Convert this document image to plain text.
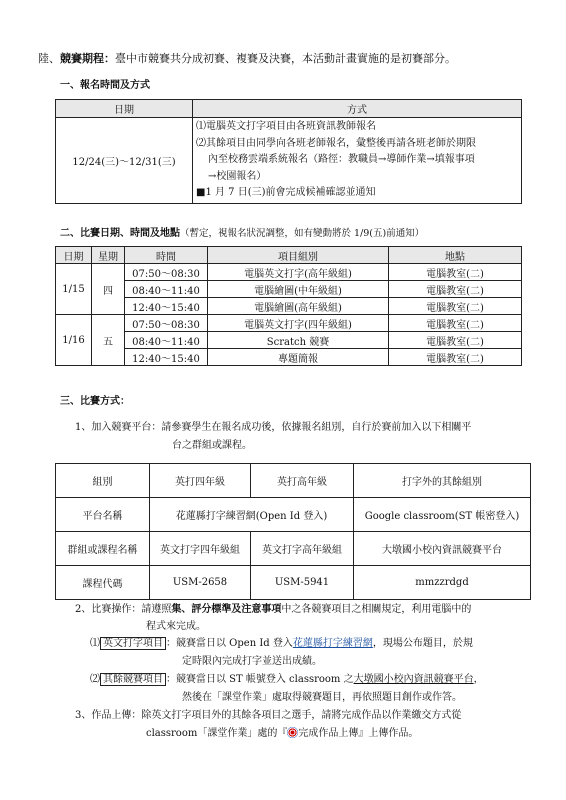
陸、競賽期程：臺中市競賽共分成初賽、複賽及決賽，本活動計畫實施的是初賽部分。
一、報名時間及方式
日期	方式
12/24(三)～12/31(三)	⑴電腦英文打字項目由各班資訊教師報名
⑵其餘項目由同學向各班老師報名，彙整後再請各班老師於期限
內至校務雲端系統報名（路徑：教職員→導師作業→填報事項
→校園報名）
■1 月 7 日(三)前會完成候補確認並通知
二、比賽日期、時間及地點（暫定，視報名狀況調整，如有變動將於 1/9(五)前通知）
日期	星期	時間	項目組別	地點
1/15	四	07:50～08:30	電腦英文打字(高年級組)	電腦教室(二)
		08:40～11:40	電腦繪圖(中年級組)	電腦教室(二)
		12:40～15:40	電腦繪圖(高年級組)	電腦教室(二)
1/16	五	07:50～08:30	電腦英文打字(四年級組)	電腦教室(二)
		08:40～11:40	Scratch 競賽	電腦教室(二)
		12:40～15:40	專題簡報	電腦教室(二)
三、比賽方式：
1、加入競賽平台：請參賽學生在報名成功後，依據報名組別，自行於賽前加入以下相關平
台之群組或課程。
組別	英打四年級	英打高年級	打字外的其餘組別
平台名稱	花蓮縣打字練習網(Open Id 登入)		Google classroom(ST 帳密登入)
群組或課程名稱	英文打字四年級組	英文打字高年級組	大墩國小校內資訊競賽平台
課程代碼	USM-2658	USM-5941	mmzzrdgd
2、比賽操作：請遵照集、評分標準及注意事項中之各競賽項目之相關規定，利用電腦中的
程式來完成。
⑴ 英文打字項目 ：競賽當日以 Open Id 登入花蓮縣打字練習網，現場公布題目，於規
定時限內完成打字並送出成績。
⑵ 其餘競賽項目 ：競賽當日以 ST 帳號登入 classroom 之大墩國小校內資訊競賽平台，
然後在「課堂作業」處取得競賽題目，再依照題目創作或作答。
3、作品上傳：除英文打字項目外的其餘各項目之選手，請將完成作品以作業繳交方式從
classroom「課堂作業」處的『 完成作品上傳』上傳作品。
